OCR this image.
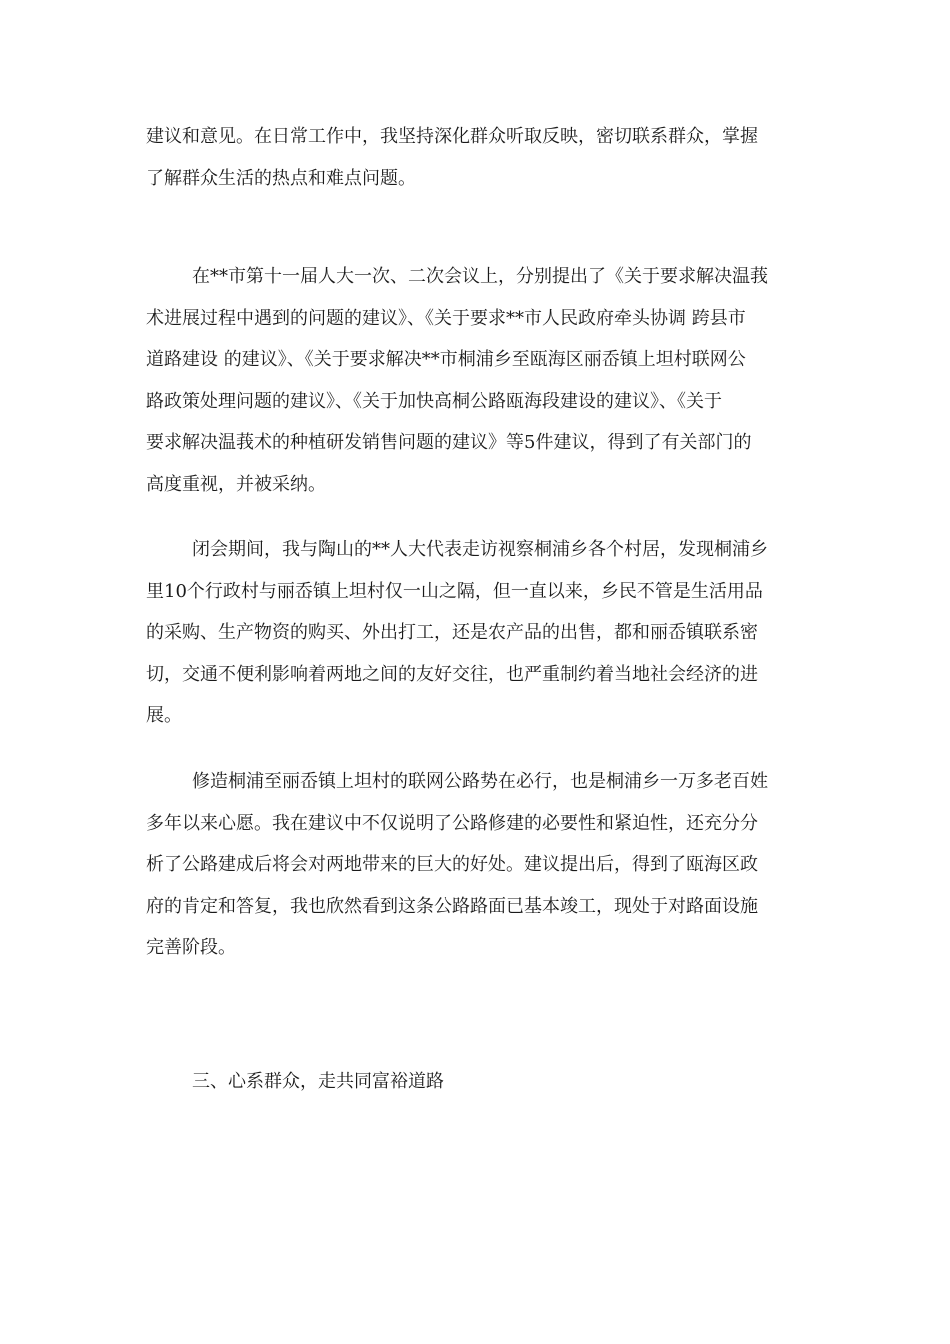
建议和意见。在日常工作中，我坚持深化群众听取反映，密切联系群众，掌握
了解群众生活的热点和难点问题。
在**市第十一届人大一次、二次会议上，分别提出了《关于要求解决温莪
术进展过程中遇到的问题的建议》、《关于要求**市人民政府牵头协调 跨县市
道路建设 的建议》、《关于要求解决**市桐浦乡至瓯海区丽岙镇上坦村联网公
路政策处理问题的建议》、《关于加快高桐公路瓯海段建设的建议》、《关于
要求解决温莪术的种植研发销售问题的建议》等5件建议，得到了有关部门的
高度重视，并被采纳。
闭会期间，我与陶山的**人大代表走访视察桐浦乡各个村居，发现桐浦乡
里10个行政村与丽岙镇上坦村仅一山之隔，但一直以来，乡民不管是生活用品
的采购、生产物资的购买、外出打工，还是农产品的出售，都和丽岙镇联系密
切，交通不便利影响着两地之间的友好交往，也严重制约着当地社会经济的进
展。
修造桐浦至丽岙镇上坦村的联网公路势在必行，也是桐浦乡一万多老百姓
多年以来心愿。我在建议中不仅说明了公路修建的必要性和紧迫性，还充分分
析了公路建成后将会对两地带来的巨大的好处。建议提出后，得到了瓯海区政
府的肯定和答复，我也欣然看到这条公路路面已基本竣工，现处于对路面设施
完善阶段。
三、心系群众，走共同富裕道路
